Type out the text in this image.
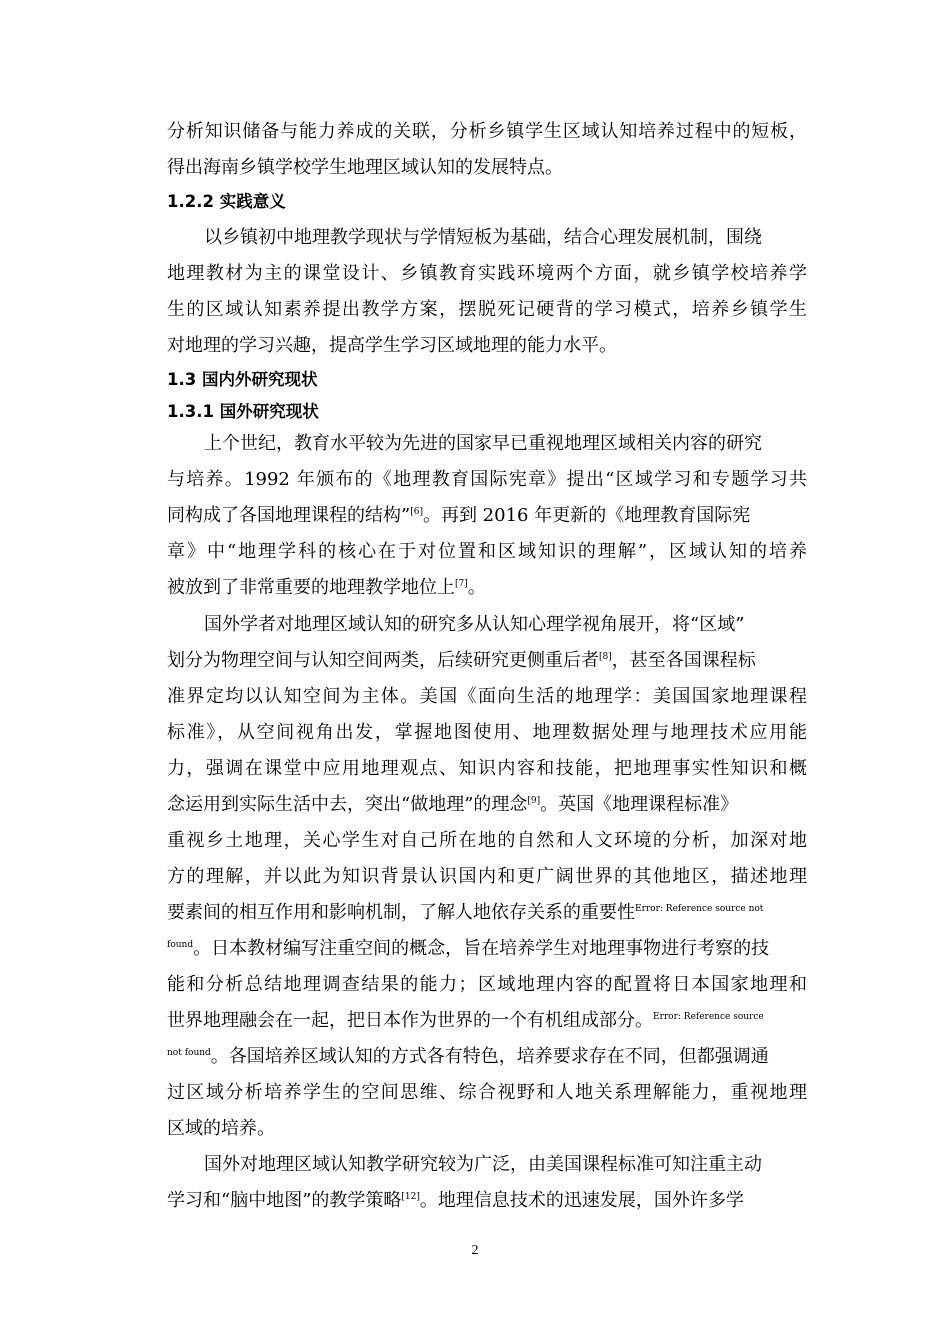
分析知识储备与能力养成的关联，分析乡镇学生区域认知培养过程中的短板，
得出海南乡镇学校学生地理区域认知的发展特点。
1.2.2 实践意义
以乡镇初中地理教学现状与学情短板为基础，结合心理发展机制，围绕
地理教材为主的课堂设计、乡镇教育实践环境两个方面，就乡镇学校培养学
生的区域认知素养提出教学方案，摆脱死记硬背的学习模式，培养乡镇学生
对地理的学习兴趣，提高学生学习区域地理的能力水平。
1.3 国内外研究现状
1.3.1 国外研究现状
上个世纪，教育水平较为先进的国家早已重视地理区域相关内容的研究
与培养。1992 年颁布的《地理教育国际宪章》提出“区域学习和专题学习共
同构成了各国地理课程的结构”[6]。再到 2016 年更新的《地理教育国际宪
章》中“地理学科的核心在于对位置和区域知识的理解”，区域认知的培养
被放到了非常重要的地理教学地位上[7]。
国外学者对地理区域认知的研究多从认知心理学视角展开，将“区域”
划分为物理空间与认知空间两类，后续研究更侧重后者[8]，甚至各国课程标
准界定均以认知空间为主体。美国《面向生活的地理学：美国国家地理课程
标准》，从空间视角出发，掌握地图使用、地理数据处理与地理技术应用能
力，强调在课堂中应用地理观点、知识内容和技能，把地理事实性知识和概
念运用到实际生活中去，突出“做地理”的理念[9]。英国《地理课程标准》
重视乡土地理，关心学生对自己所在地的自然和人文环境的分析，加深对地
方的理解，并以此为知识背景认识国内和更广阔世界的其他地区，描述地理
要素间的相互作用和影响机制，了解人地依存关系的重要性$^{Error: Reference source not}$
$^{found}$。日本教材编写注重空间的概念，旨在培养学生对地理事物进行考察的技
能和分析总结地理调查结果的能力；区域地理内容的配置将日本国家地理和
世界地理融会在一起，把日本作为世界的一个有机组成部分。$^{Error: Reference source}$
$^{not found}$。各国培养区域认知的方式各有特色，培养要求存在不同，但都强调通
过区域分析培养学生的空间思维、综合视野和人地关系理解能力，重视地理
区域的培养。
国外对地理区域认知教学研究较为广泛，由美国课程标准可知注重主动
学习和“脑中地图”的教学策略[12]。地理信息技术的迅速发展，国外许多学
2
